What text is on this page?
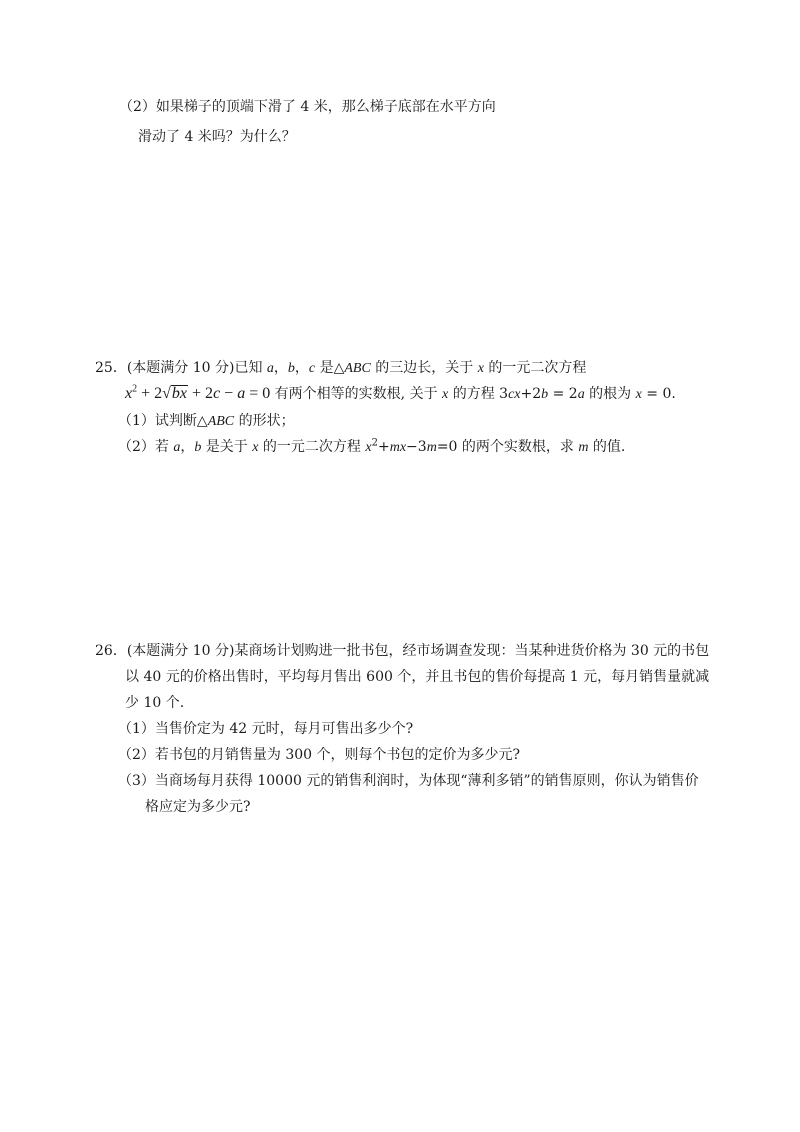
（2）如果梯子的顶端下滑了 4 米，那么梯子底部在水平方向
滑动了 4 米吗？为什么？
25．(本题满分 10 分)已知 a，b，c 是△ABC 的三边长，关于 x 的一元二次方程
$x^2 + 2√bx + 2c - a = 0$ 有两个相等的实数根, 关于 x 的方程 3cx+2b = 2a 的根为 x = 0.
（1）试判断△ABC 的形状；
（2）若 a，b 是关于 x 的一元二次方程 $x^2+mx-3m=0$ 的两个实数根，求 m 的值.
26．(本题满分 10 分)某商场计划购进一批书包，经市场调查发现：当某种进货价格为 30 元的书包
以 40 元的价格出售时，平均每月售出 600 个，并且书包的售价每提高 1 元，每月销售量就减
少 10 个.
（1）当售价定为 42 元时，每月可售出多少个?
（2）若书包的月销售量为 300 个，则每个书包的定价为多少元?
（3）当商场每月获得 10000 元的销售利润时，为体现“薄利多销”的销售原则，你认为销售价
格应定为多少元?
